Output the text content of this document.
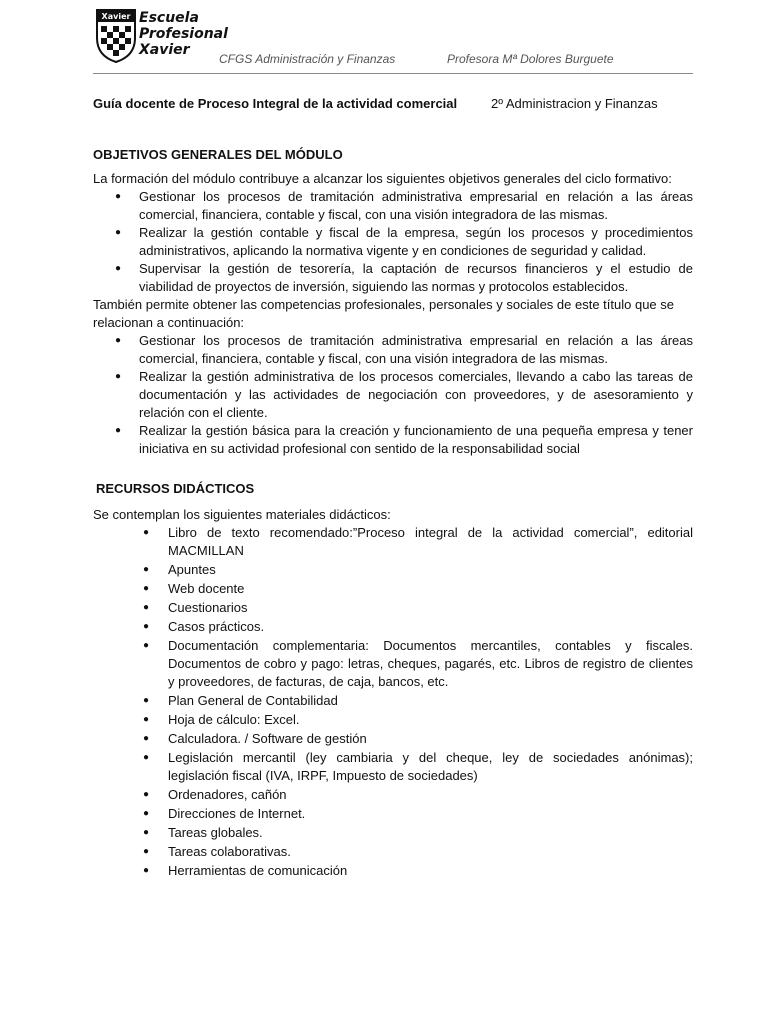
Xavier Escuela
Profesional
Xavier
CFGS Administración y Finanzas	Profesora Mª Dolores Burguete
Guía docente de Proceso Integral de la actividad comercial	2º Administracion y Finanzas
OBJETIVOS GENERALES DEL MÓDULO

La formación del módulo contribuye a alcanzar los siguientes objetivos generales del ciclo formativo:

● Gestionar los procesos de tramitación administrativa empresarial en relación a las áreas comercial, financiera, contable y fiscal, con una visión integradora de las mismas.
● Realizar la gestión contable y fiscal de la empresa, según los procesos y procedimientos administrativos, aplicando la normativa vigente y en condiciones de seguridad y calidad.
● Supervisar la gestión de tesorería, la captación de recursos financieros y el estudio de viabilidad de proyectos de inversión, siguiendo las normas y protocolos establecidos.

También permite obtener las competencias profesionales, personales y sociales de este título que se relacionan a continuación:

● Gestionar los procesos de tramitación administrativa empresarial en relación a las áreas comercial, financiera, contable y fiscal, con una visión integradora de las mismas.
● Realizar la gestión administrativa de los procesos comerciales, llevando a cabo las tareas de documentación y las actividades de negociación con proveedores, y de asesoramiento y relación con el cliente.
● Realizar la gestión básica para la creación y funcionamiento de una pequeña empresa y tener iniciativa en su actividad profesional con sentido de la responsabilidad social
RECURSOS DIDÁCTICOS

Se contemplan los siguientes materiales didácticos:

● Libro de texto recomendado:”Proceso integral de la actividad comercial”, editorial MACMILLAN
● Apuntes
● Web docente
● Cuestionarios
● Casos prácticos.
● Documentación complementaria: Documentos mercantiles, contables y fiscales. Documentos de cobro y pago: letras, cheques, pagarés, etc. Libros de registro de clientes y proveedores, de facturas, de caja, bancos, etc.
● Plan General de Contabilidad
● Hoja de cálculo: Excel.
● Calculadora. / Software de gestión
● Legislación mercantil (ley cambiaria y del cheque, ley de sociedades anónimas); legislación fiscal (IVA, IRPF, Impuesto de sociedades)
● Ordenadores, cañón
● Direcciones de Internet.
● Tareas globales.
● Tareas colaborativas.
● Herramientas de comunicación
